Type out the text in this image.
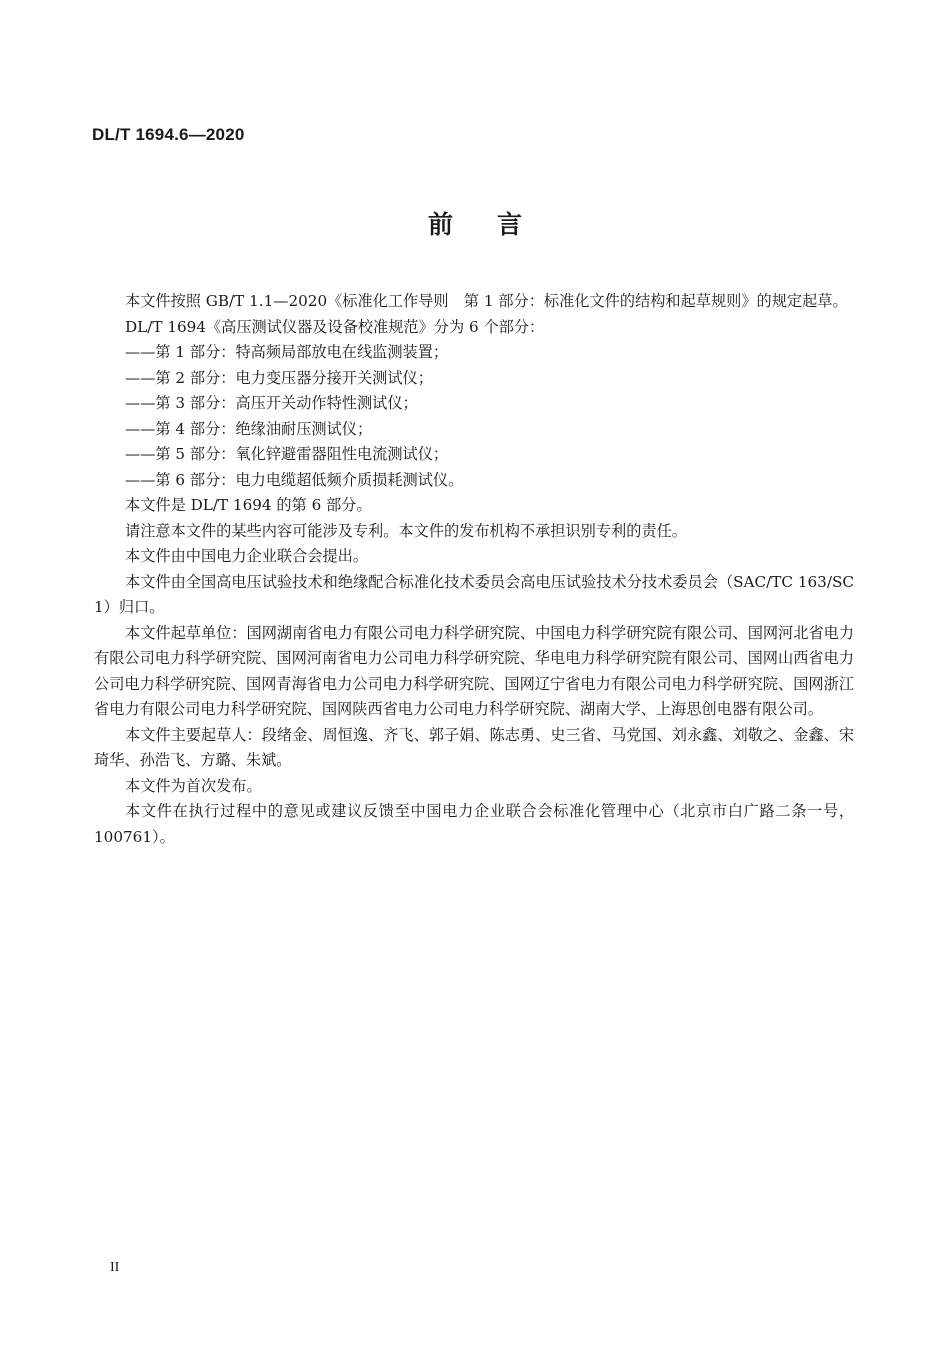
DL/T 1694.6—2020
前言

本文件按照 GB/T 1.1—2020《标准化工作导则　第 1 部分：标准化文件的结构和起草规则》的规定起草。

DL/T 1694《高压测试仪器及设备校准规范》分为 6 个部分：

——第 1 部分：特高频局部放电在线监测装置；

——第 2 部分：电力变压器分接开关测试仪；

——第 3 部分：高压开关动作特性测试仪；

——第 4 部分：绝缘油耐压测试仪；

——第 5 部分：氧化锌避雷器阻性电流测试仪；

——第 6 部分：电力电缆超低频介质损耗测试仪。

本文件是 DL/T 1694 的第 6 部分。

请注意本文件的某些内容可能涉及专利。本文件的发布机构不承担识别专利的责任。

本文件由中国电力企业联合会提出。

本文件由全国高电压试验技术和绝缘配合标准化技术委员会高电压试验技术分技术委员会（SAC/TC 163/SC 1）归口。

本文件起草单位：国网湖南省电力有限公司电力科学研究院、中国电力科学研究院有限公司、国网河北省电力有限公司电力科学研究院、国网河南省电力公司电力科学研究院、华电电力科学研究院有限公司、国网山西省电力公司电力科学研究院、国网青海省电力公司电力科学研究院、国网辽宁省电力有限公司电力科学研究院、国网浙江省电力有限公司电力科学研究院、国网陕西省电力公司电力科学研究院、湖南大学、上海思创电器有限公司。

本文件主要起草人：段绪金、周恒逸、齐飞、郭子娟、陈志勇、史三省、马党国、刘永鑫、刘敬之、金鑫、宋琦华、孙浩飞、方璐、朱斌。

本文件为首次发布。

本文件在执行过程中的意见或建议反馈至中国电力企业联合会标准化管理中心（北京市白广路二条一号，100761）。

II
